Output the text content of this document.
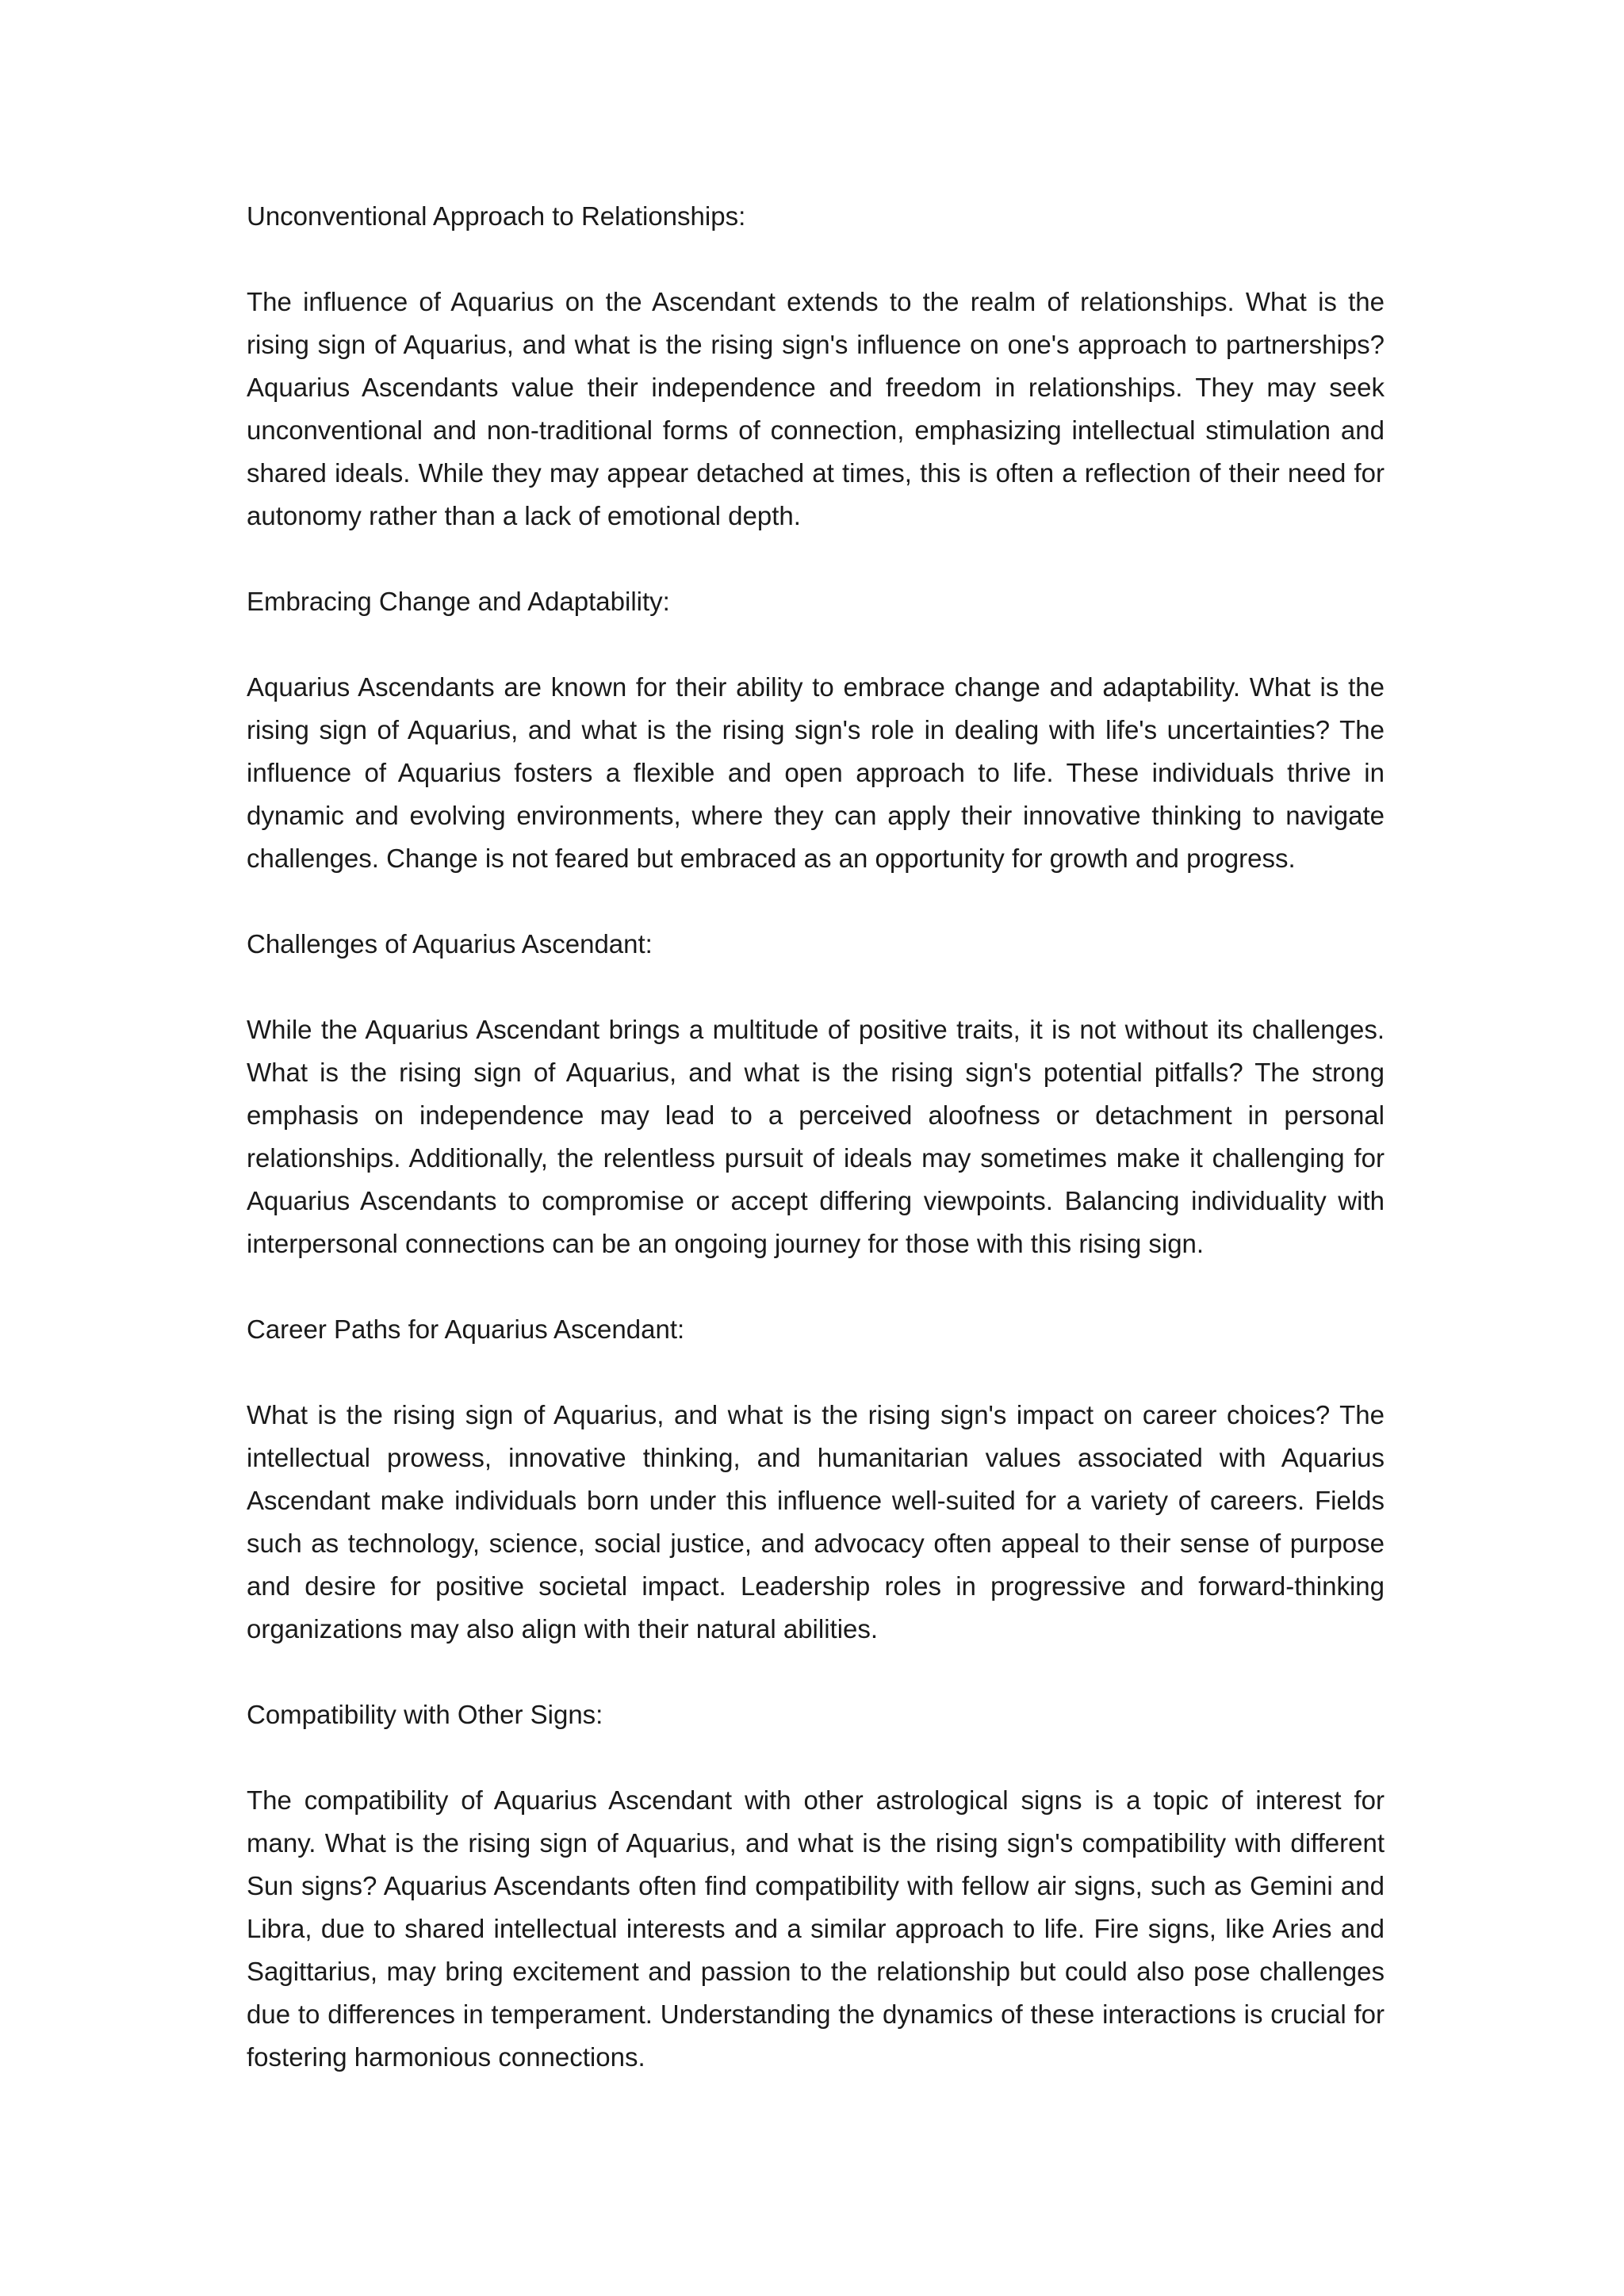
Unconventional Approach to Relationships:

The influence of Aquarius on the Ascendant extends to the realm of relationships. What is the rising sign of Aquarius, and what is the rising sign's influence on one's approach to partnerships? Aquarius Ascendants value their independence and freedom in relationships. They may seek unconventional and non-traditional forms of connection, emphasizing intellectual stimulation and shared ideals. While they may appear detached at times, this is often a reflection of their need for autonomy rather than a lack of emotional depth.

Embracing Change and Adaptability:

Aquarius Ascendants are known for their ability to embrace change and adaptability. What is the rising sign of Aquarius, and what is the rising sign's role in dealing with life's uncertainties? The influence of Aquarius fosters a flexible and open approach to life. These individuals thrive in dynamic and evolving environments, where they can apply their innovative thinking to navigate challenges. Change is not feared but embraced as an opportunity for growth and progress.

Challenges of Aquarius Ascendant:

While the Aquarius Ascendant brings a multitude of positive traits, it is not without its challenges. What is the rising sign of Aquarius, and what is the rising sign's potential pitfalls? The strong emphasis on independence may lead to a perceived aloofness or detachment in personal relationships. Additionally, the relentless pursuit of ideals may sometimes make it challenging for Aquarius Ascendants to compromise or accept differing viewpoints. Balancing individuality with interpersonal connections can be an ongoing journey for those with this rising sign.

Career Paths for Aquarius Ascendant:

What is the rising sign of Aquarius, and what is the rising sign's impact on career choices? The intellectual prowess, innovative thinking, and humanitarian values associated with Aquarius Ascendant make individuals born under this influence well-suited for a variety of careers. Fields such as technology, science, social justice, and advocacy often appeal to their sense of purpose and desire for positive societal impact. Leadership roles in progressive and forward-thinking organizations may also align with their natural abilities.

Compatibility with Other Signs:

The compatibility of Aquarius Ascendant with other astrological signs is a topic of interest for many. What is the rising sign of Aquarius, and what is the rising sign's compatibility with different Sun signs? Aquarius Ascendants often find compatibility with fellow air signs, such as Gemini and Libra, due to shared intellectual interests and a similar approach to life. Fire signs, like Aries and Sagittarius, may bring excitement and passion to the relationship but could also pose challenges due to differences in temperament. Understanding the dynamics of these interactions is crucial for fostering harmonious connections.
